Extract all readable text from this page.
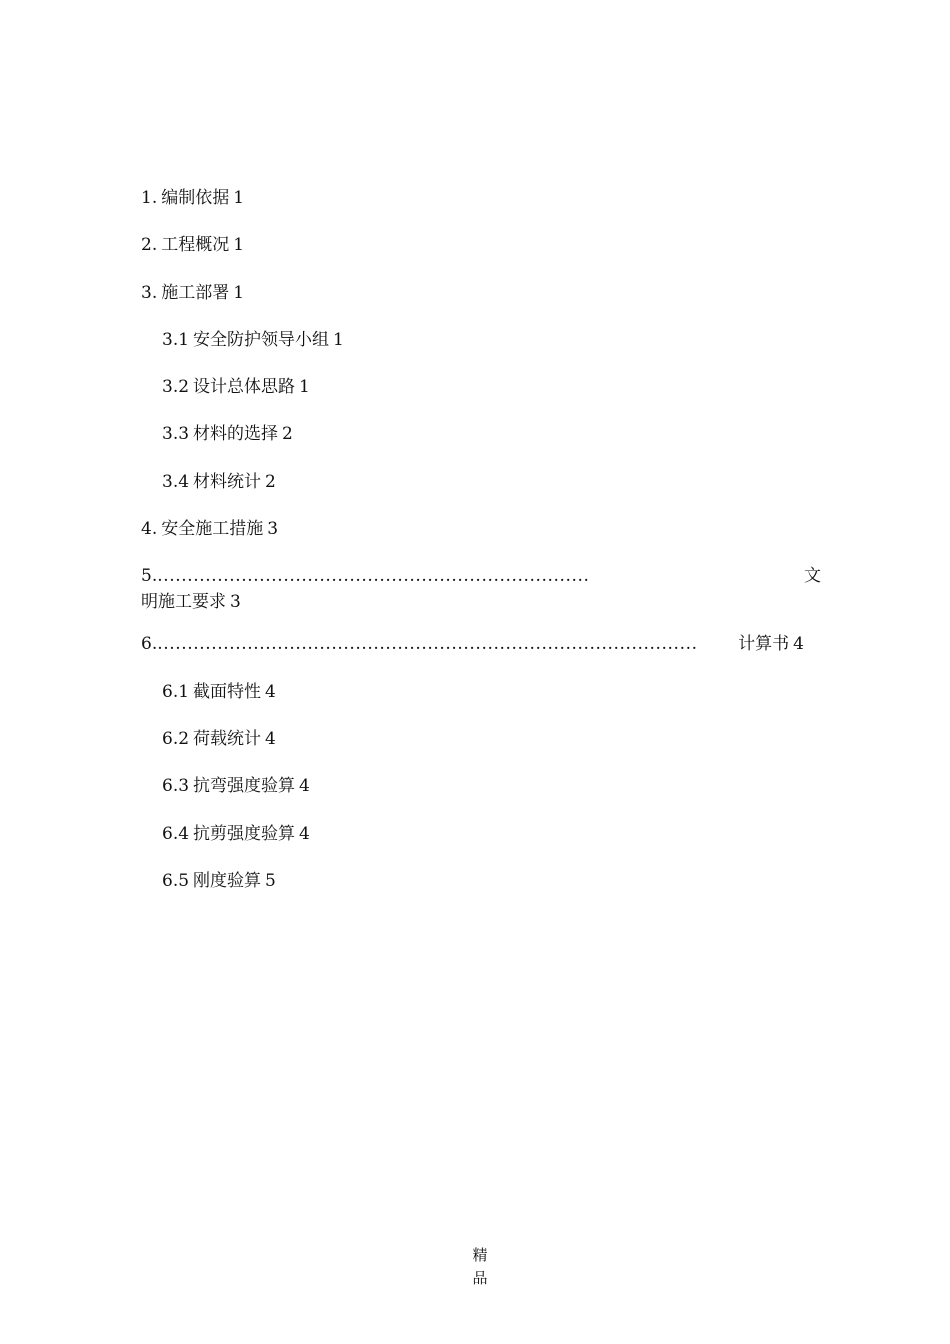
1. 编制依据 1
2. 工程概况 1
3. 施工部署 1
3.1 安全防护领导小组 1
3.2 设计总体思路 1
3.3 材料的选择 2
3.4 材料统计 2
4. 安全施工措施 3
5.........................................................................	文
明施工要求 3
6. ..........................................................................................	计算书 4
6.1 截面特性 4
6.2 荷载统计 4
6.3 抗弯强度验算 4
6.4 抗剪强度验算 4
6.5 刚度验算 5
精
品
